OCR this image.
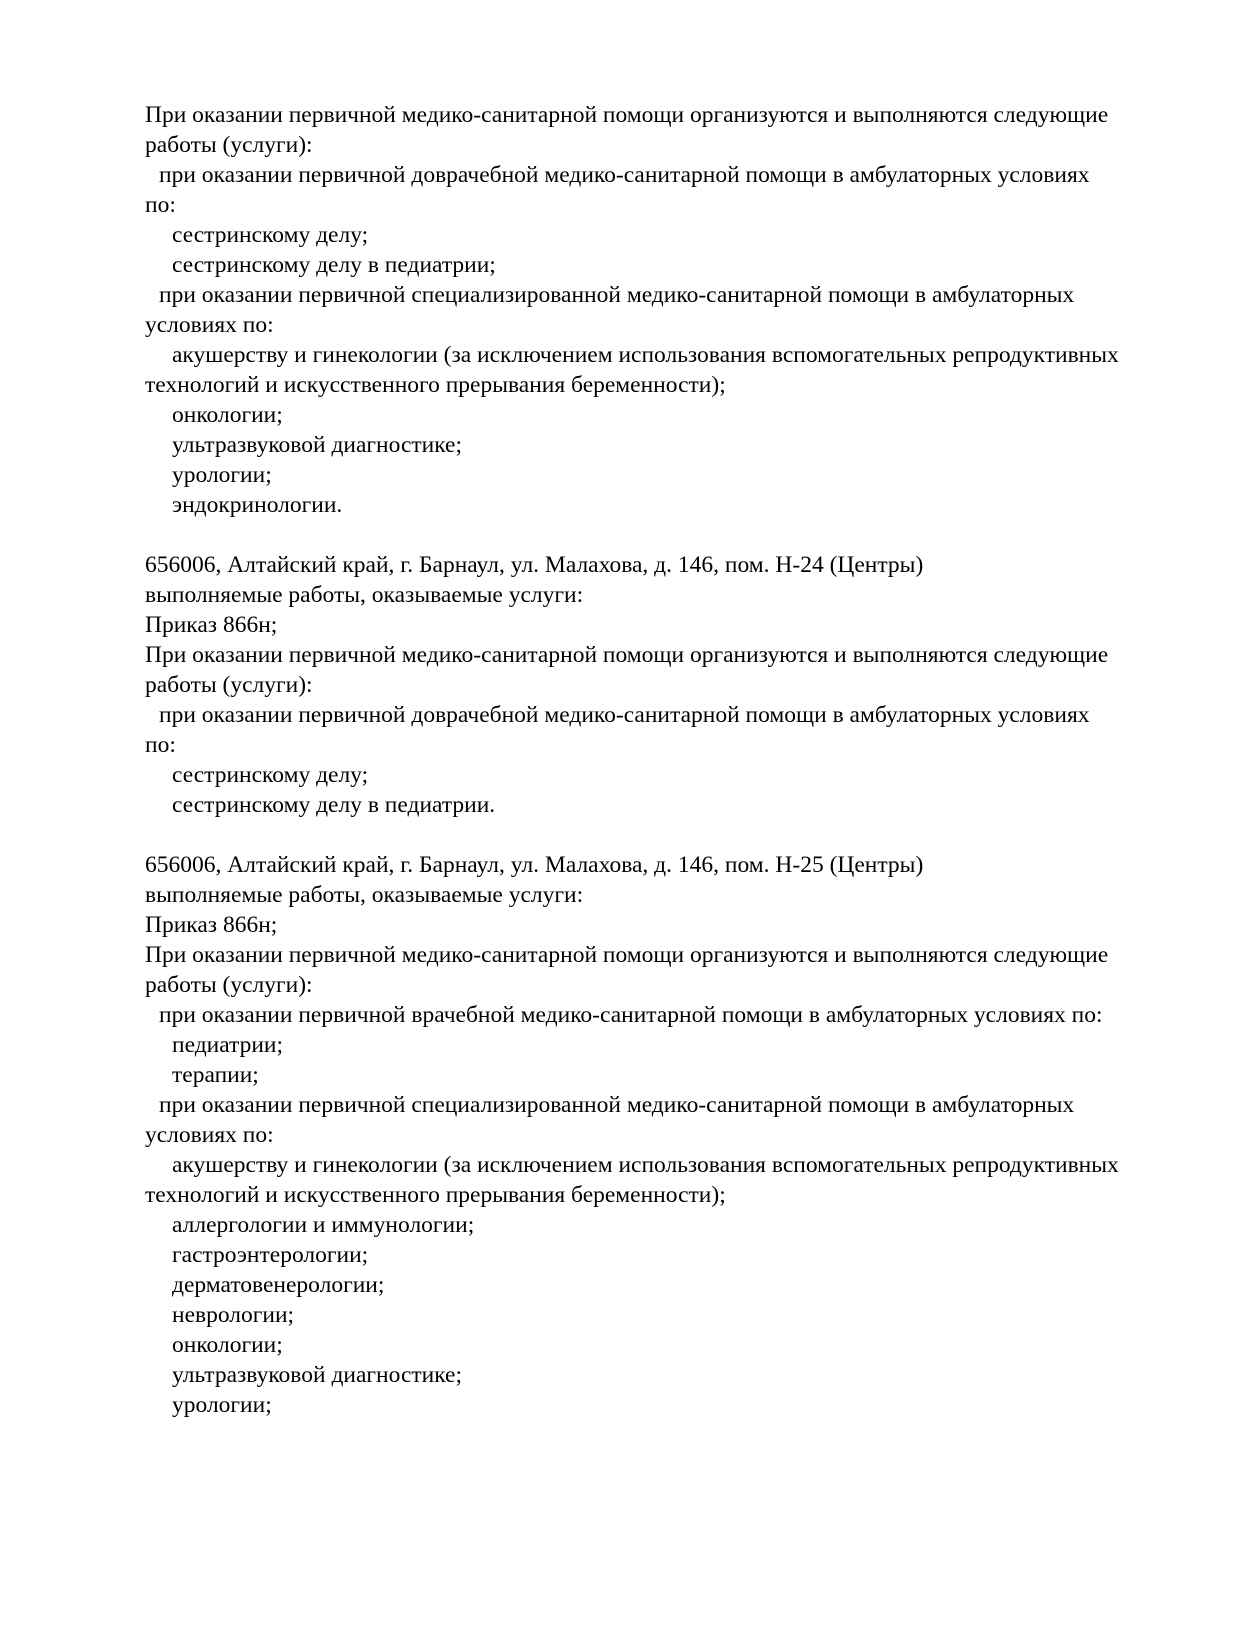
При оказании первичной медико-санитарной помощи организуются и выполняются следующие
работы (услуги):
при оказании первичной доврачебной медико-санитарной помощи в амбулаторных условиях
по:
сестринскому делу;
сестринскому делу в педиатрии;
при оказании первичной специализированной медико-санитарной помощи в амбулаторных
условиях по:
акушерству и гинекологии (за исключением использования вспомогательных репродуктивных
технологий и искусственного прерывания беременности);
онкологии;
ультразвуковой диагностике;
урологии;
эндокринологии.
656006, Алтайский край, г. Барнаул, ул. Малахова, д. 146, пом. Н-24 (Центры)
выполняемые работы, оказываемые услуги:
Приказ 866н;
При оказании первичной медико-санитарной помощи организуются и выполняются следующие
работы (услуги):
при оказании первичной доврачебной медико-санитарной помощи в амбулаторных условиях
по:
сестринскому делу;
сестринскому делу в педиатрии.
656006, Алтайский край, г. Барнаул, ул. Малахова, д. 146, пом. Н-25 (Центры)
выполняемые работы, оказываемые услуги:
Приказ 866н;
При оказании первичной медико-санитарной помощи организуются и выполняются следующие
работы (услуги):
при оказании первичной врачебной медико-санитарной помощи в амбулаторных условиях по:
педиатрии;
терапии;
при оказании первичной специализированной медико-санитарной помощи в амбулаторных
условиях по:
акушерству и гинекологии (за исключением использования вспомогательных репродуктивных
технологий и искусственного прерывания беременности);
аллергологии и иммунологии;
гастроэнтерологии;
дерматовенерологии;
неврологии;
онкологии;
ультразвуковой диагностике;
урологии;
